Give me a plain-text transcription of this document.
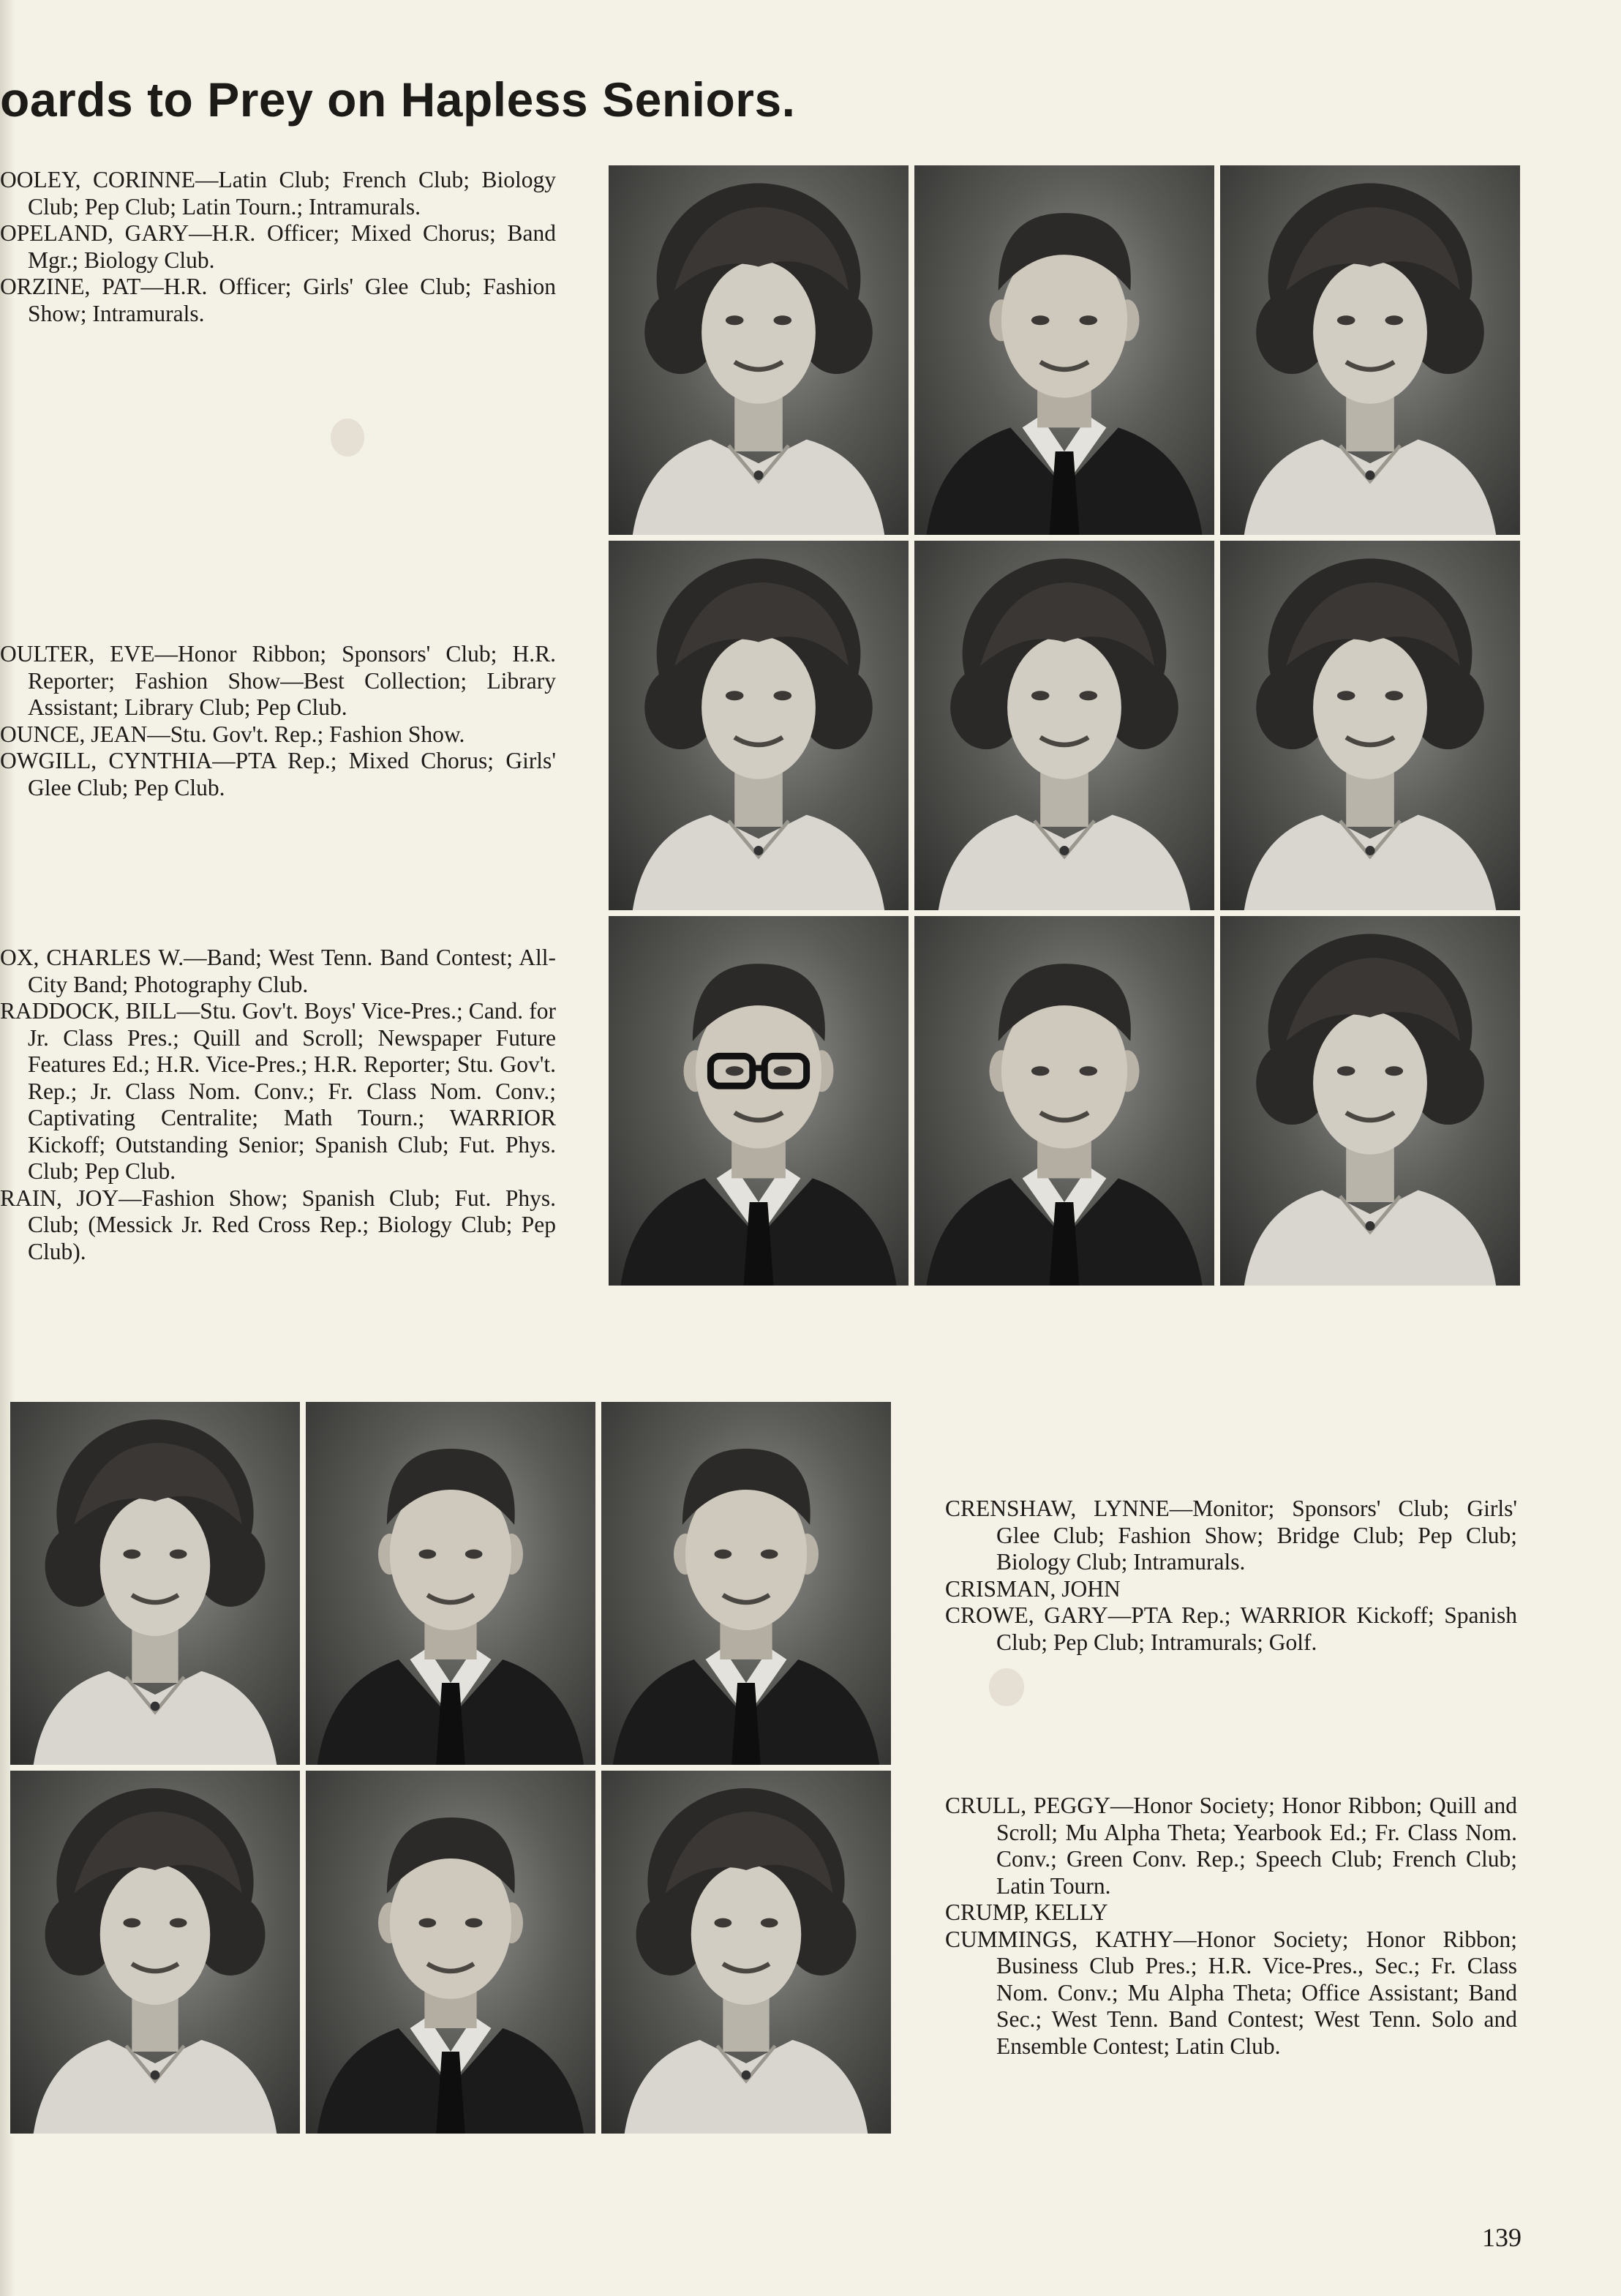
oards to Prey on Hapless Seniors.

OOLEY, CORINNE—Latin Club; French Club; Biology Club; Pep Club; Latin Tourn.; Intramurals.

OPELAND, GARY—H.R. Officer; Mixed Chorus; Band Mgr.; Biology Club.

ORZINE, PAT—H.R. Officer; Girls' Glee Club; Fashion Show; Intramurals.

OULTER, EVE—Honor Ribbon; Sponsors' Club; H.R. Reporter; Fashion Show—Best Collection; Library Assistant; Library Club; Pep Club.

OUNCE, JEAN—Stu. Gov't. Rep.; Fashion Show.

OWGILL, CYNTHIA—PTA Rep.; Mixed Chorus; Girls' Glee Club; Pep Club.

OX, CHARLES W.—Band; West Tenn. Band Contest; All-City Band; Photography Club.

RADDOCK, BILL—Stu. Gov't. Boys' Vice-Pres.; Cand. for Jr. Class Pres.; Quill and Scroll; Newspaper Future Features Ed.; H.R. Vice-Pres.; H.R. Reporter; Stu. Gov't. Rep.; Jr. Class Nom. Conv.; Fr. Class Nom. Conv.; Captivating Centralite; Math Tourn.; WARRIOR Kickoff; Outstanding Senior; Spanish Club; Fut. Phys. Club; Pep Club.

RAIN, JOY—Fashion Show; Spanish Club; Fut. Phys. Club; (Messick Jr. Red Cross Rep.; Biology Club; Pep Club).

CRENSHAW, LYNNE—Monitor; Sponsors' Club; Girls' Glee Club; Fashion Show; Bridge Club; Pep Club; Biology Club; Intramurals.

CRISMAN, JOHN

CROWE, GARY—PTA Rep.; WARRIOR Kickoff; Spanish Club; Pep Club; Intramurals; Golf.

CRULL, PEGGY—Honor Society; Honor Ribbon; Quill and Scroll; Mu Alpha Theta; Yearbook Ed.; Fr. Class Nom. Conv.; Green Conv. Rep.; Speech Club; French Club; Latin Tourn.

CRUMP, KELLY

CUMMINGS, KATHY—Honor Society; Honor Ribbon; Business Club Pres.; H.R. Vice-Pres., Sec.; Fr. Class Nom. Conv.; Mu Alpha Theta; Office Assistant; Band Sec.; West Tenn. Band Contest; West Tenn. Solo and Ensemble Contest; Latin Club.

139
